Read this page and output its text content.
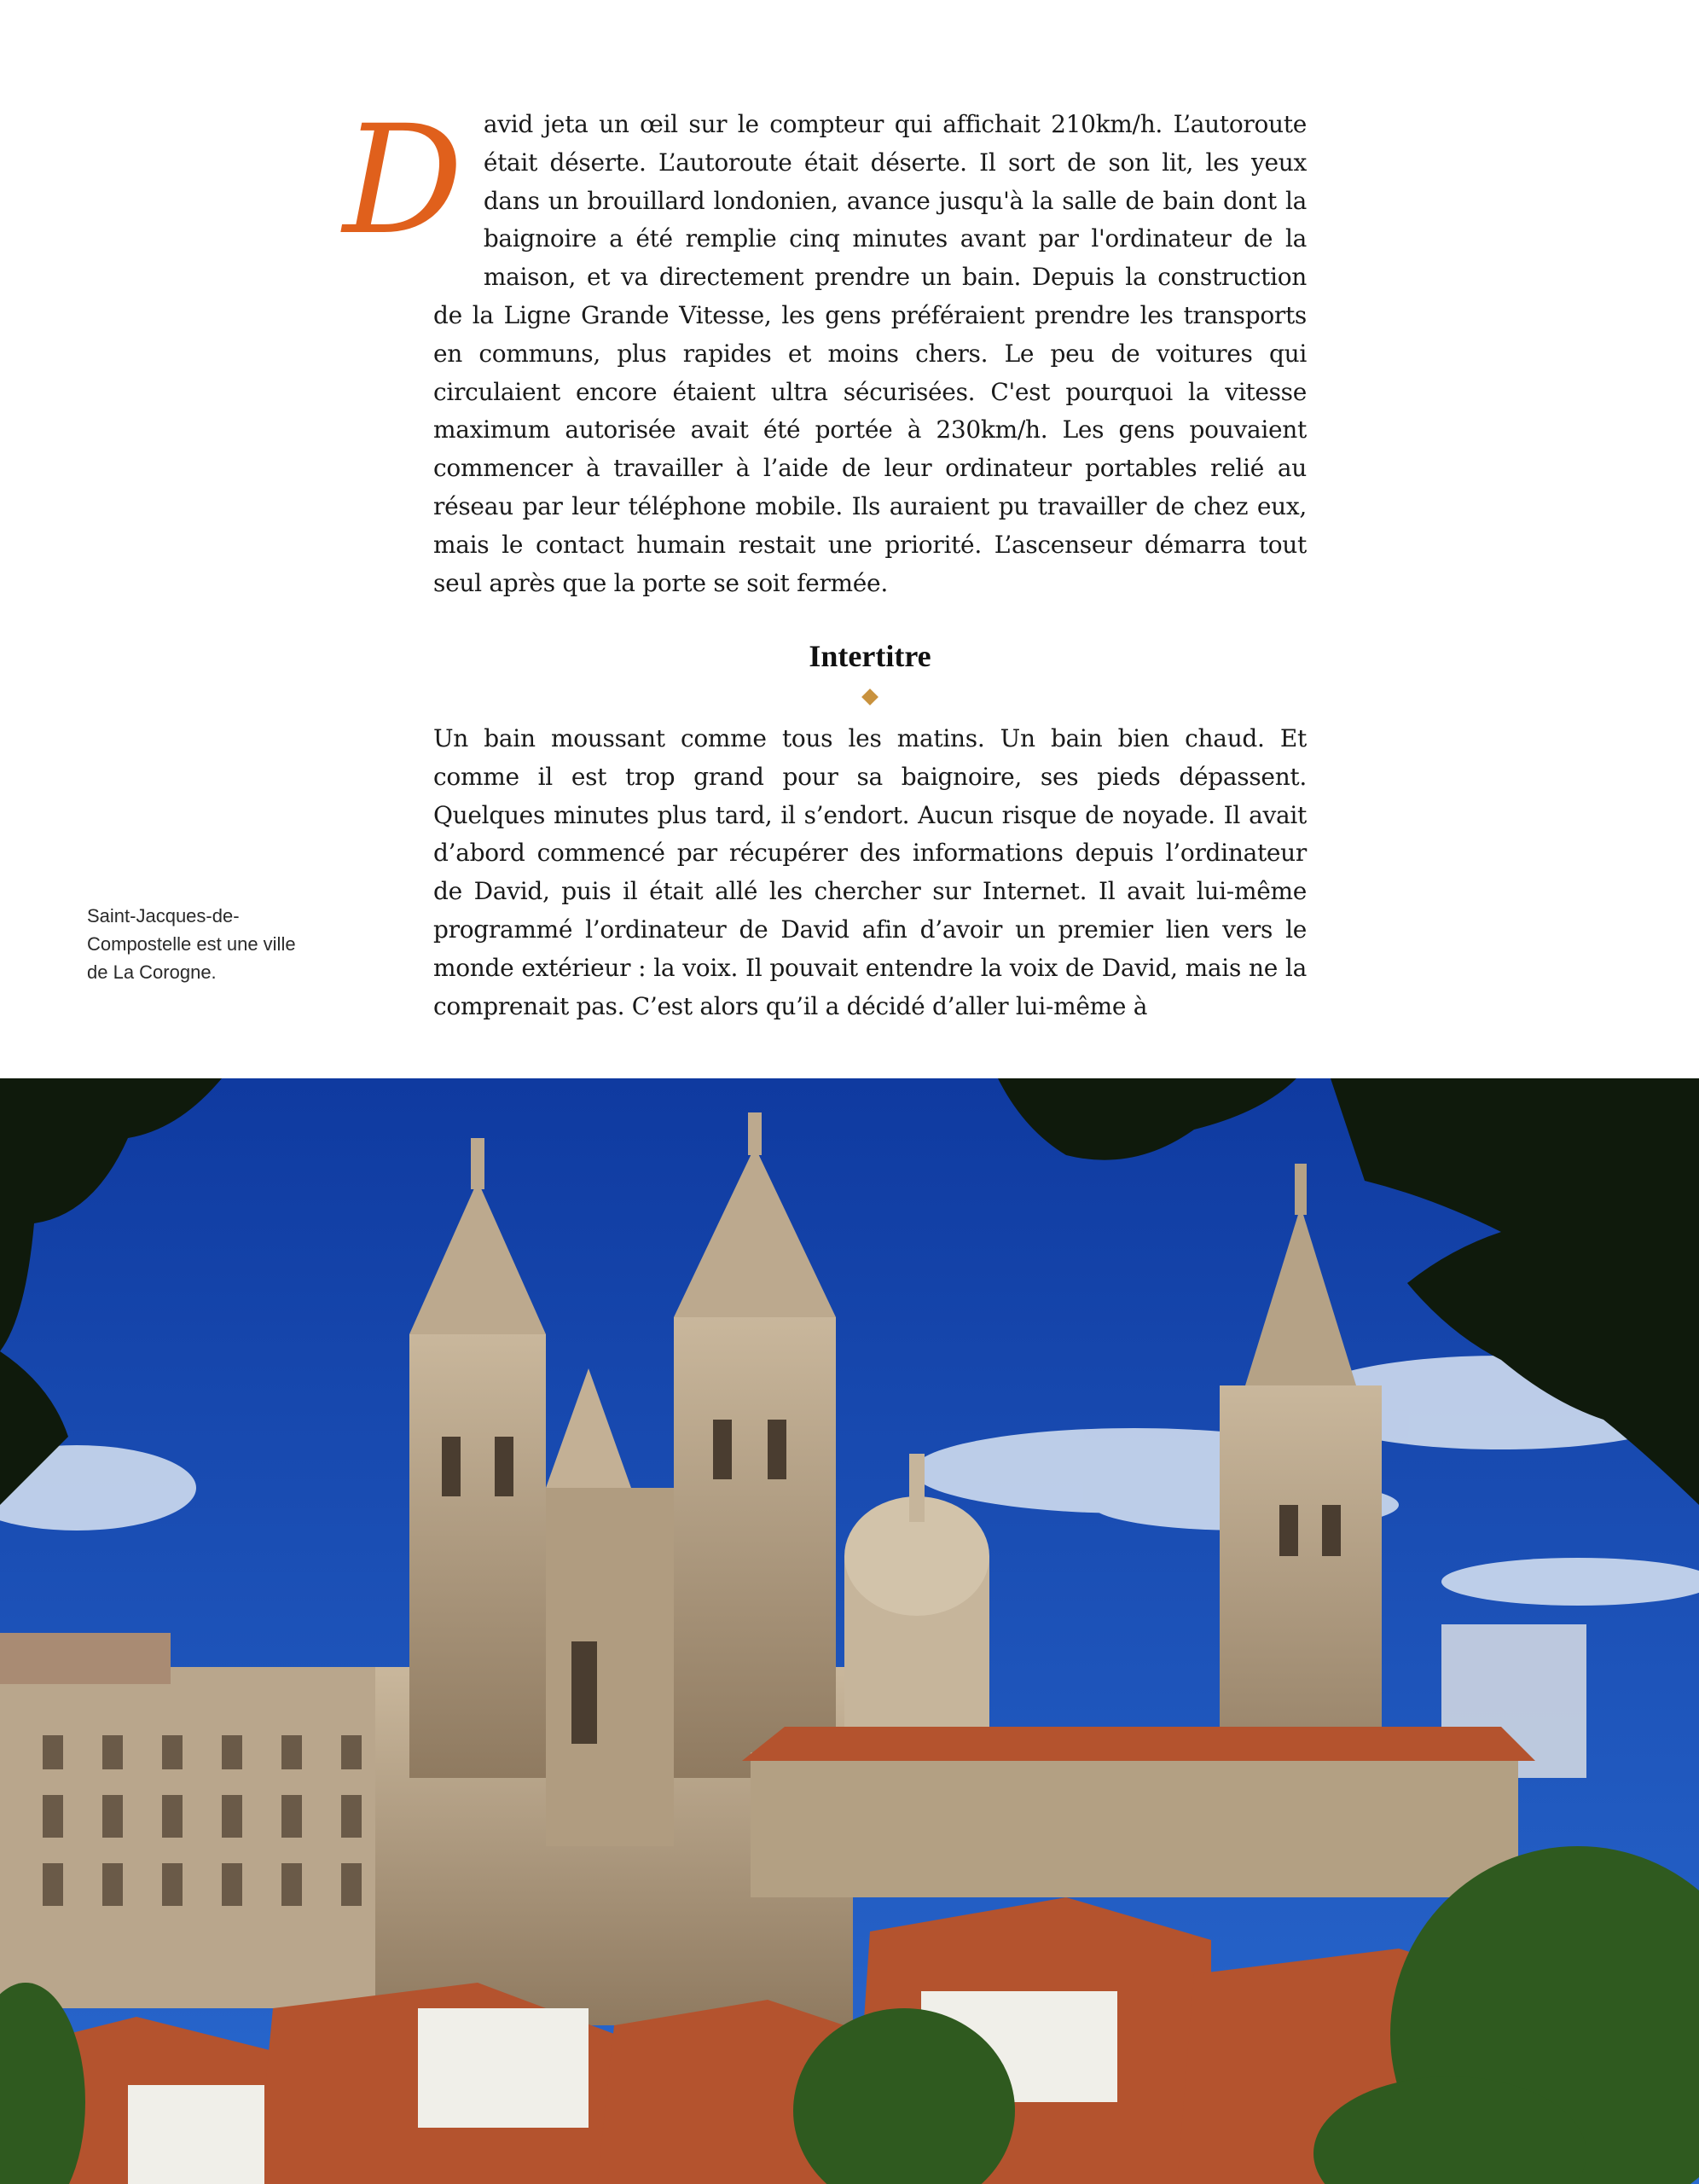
D avid jeta un œil sur le compteur qui affichait 210km/h. L’autoroute était déserte. L’autoroute était déserte. Il sort de son lit, les yeux dans un brouillard londonien, avance jusqu'à la salle de bain dont la baignoire a été remplie cinq minutes avant par l'ordinateur de la maison, et va directement prendre un bain. Depuis la construction de la Ligne Grande Vitesse, les gens préféraient prendre les transports en communs, plus rapides et moins chers. Le peu de voitures qui circulaient encore étaient ultra sécurisées. C'est pourquoi la vitesse maximum autorisée avait été portée à 230km/h. Les gens pouvaient commencer à travailler à l’aide de leur ordinateur portables relié au réseau par leur téléphone mobile. Ils auraient pu travailler de chez eux, mais le contact humain restait une priorité. L’ascenseur démarra tout seul après que la porte se soit fermée.
Intertitre
Un bain moussant comme tous les matins. Un bain bien chaud. Et comme il est trop grand pour sa baignoire, ses pieds dépassent. Quelques minutes plus tard, il s’endort. Aucun risque de noyade. Il avait d’abord commencé par récupérer des informations depuis l’ordinateur de David, puis il était allé les chercher sur Internet. Il avait lui-même programmé l’ordinateur de David afin d’avoir un premier lien vers le monde extérieur : la voix. Il pouvait entendre la voix de David, mais ne la comprenait pas. C’est alors qu’il a décidé d’aller lui-même à
Saint-Jacques-de-
Compostelle est une ville
de La Corogne.
